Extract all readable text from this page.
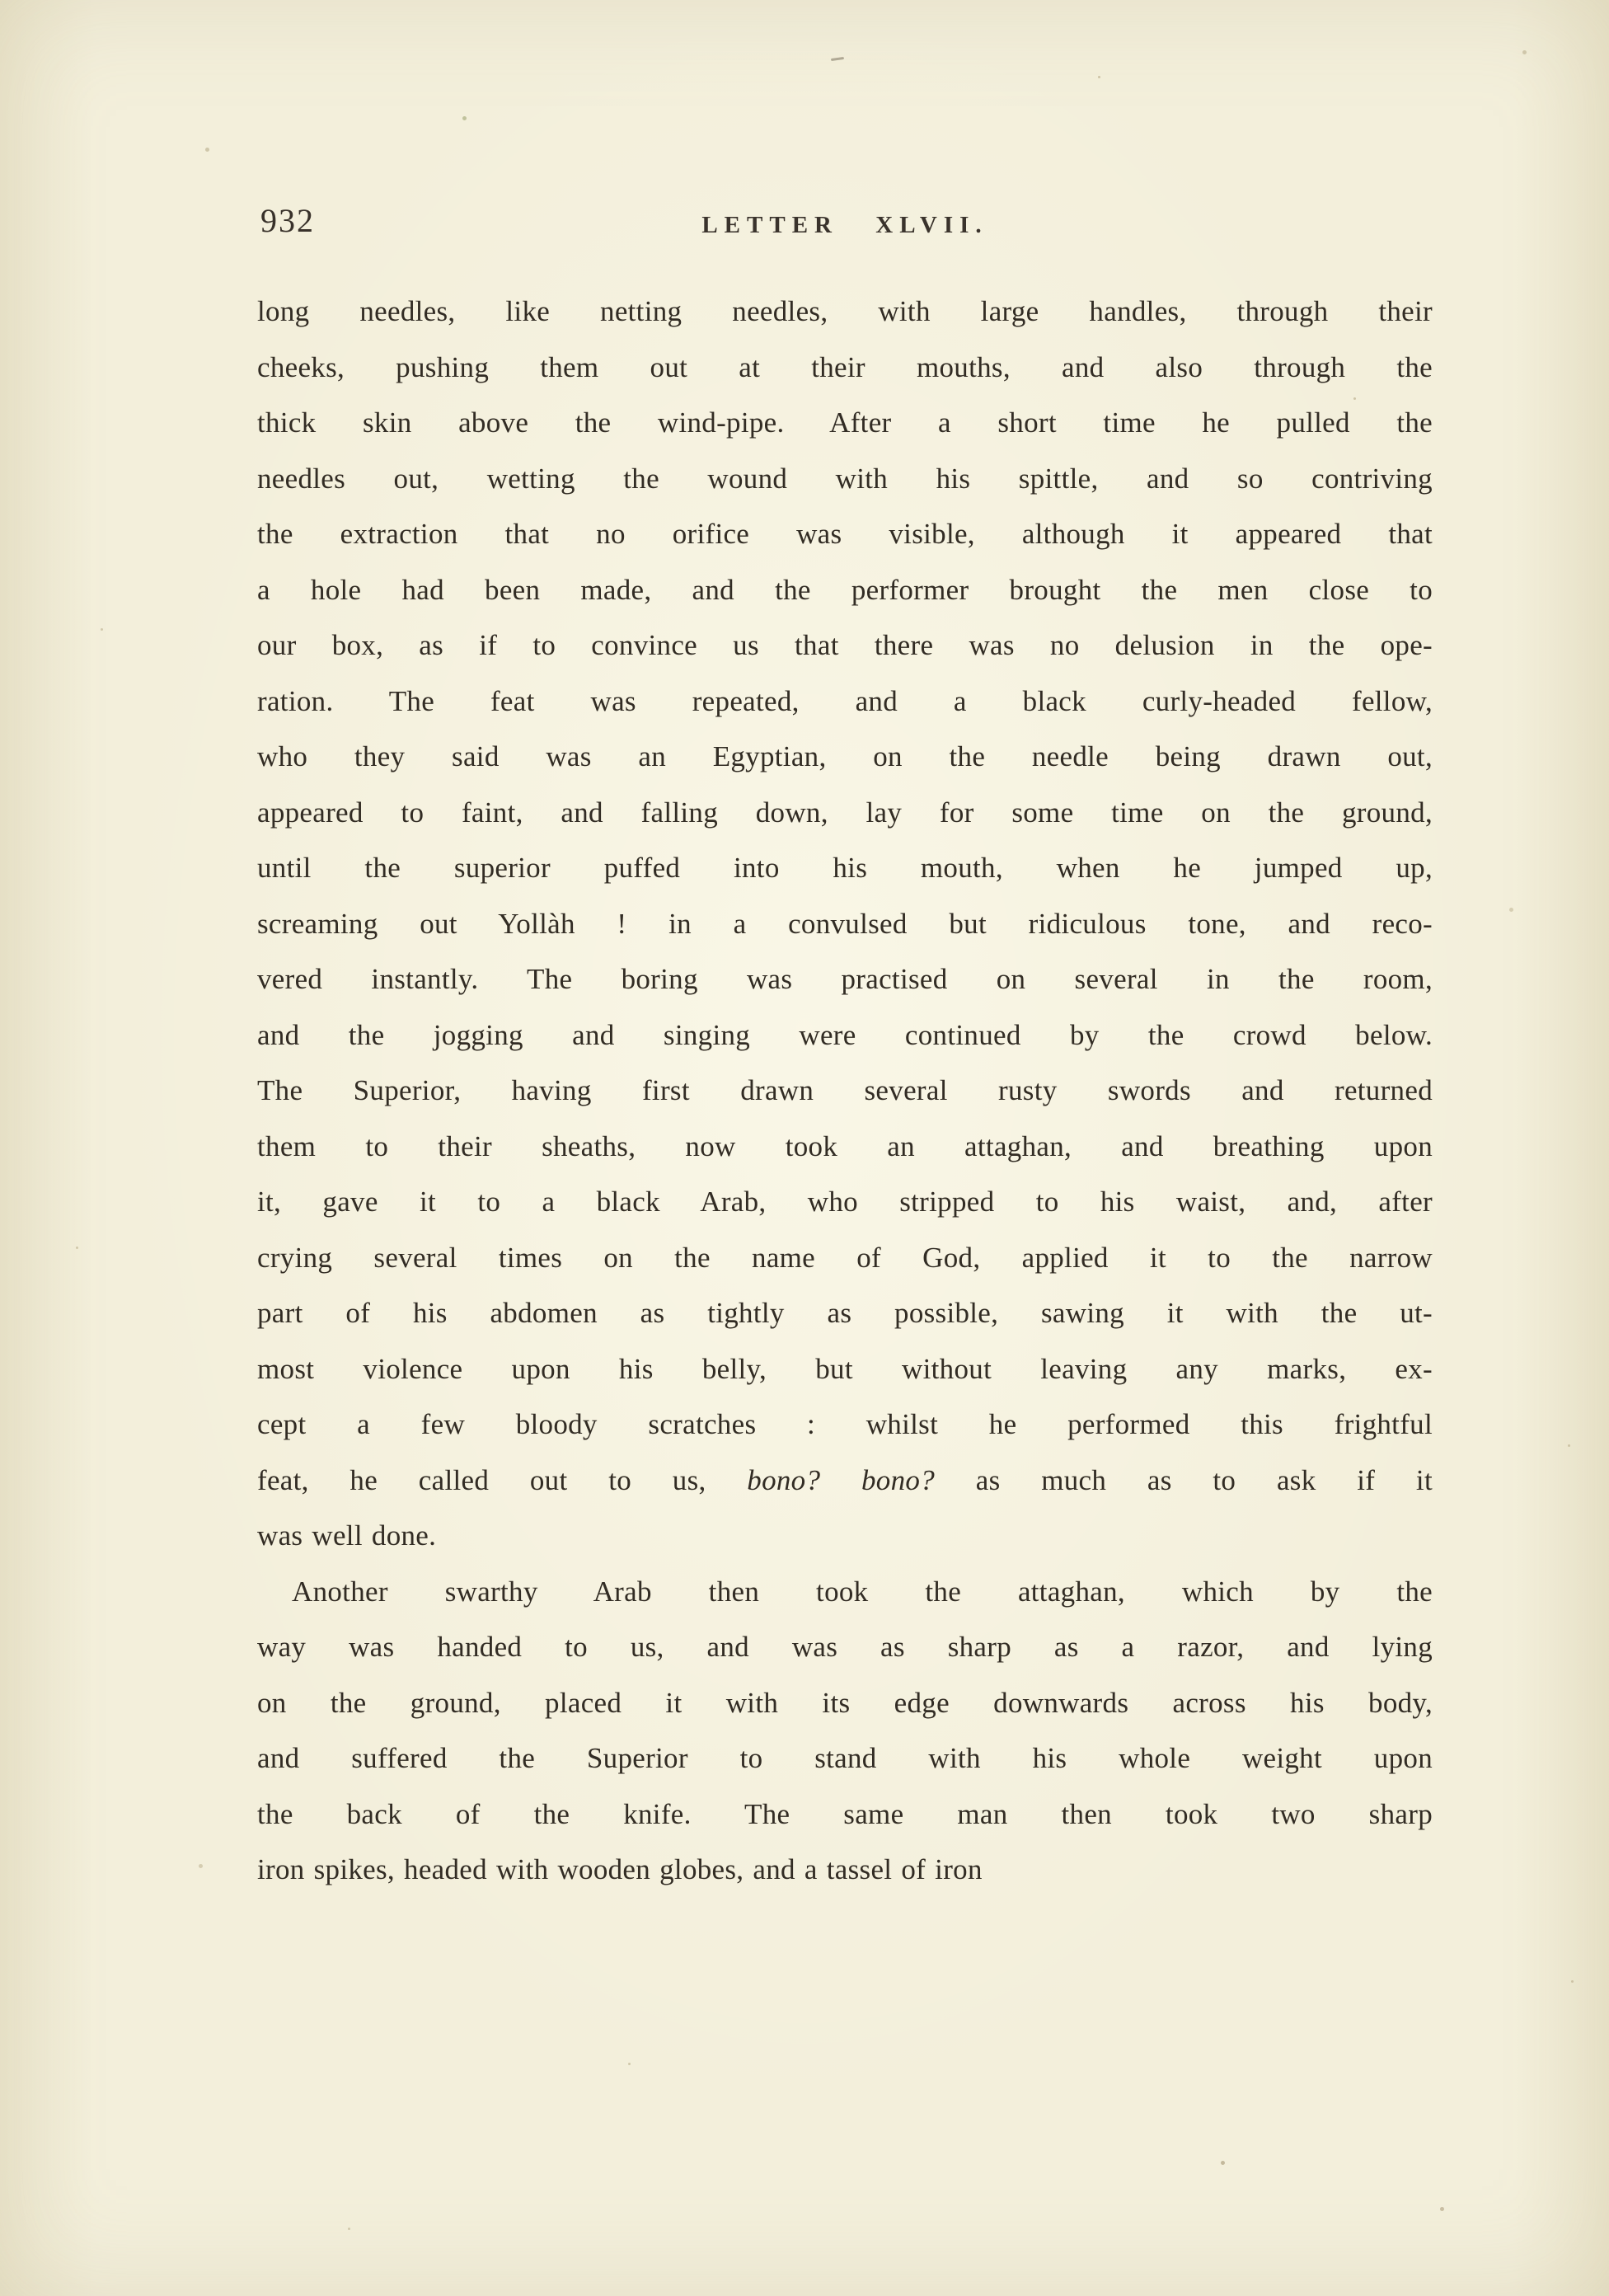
932	LETTER XLVII.
long needles, like netting needles, with large handles, through their
cheeks, pushing them out at their mouths, and also through the
thick skin above the wind-pipe. After a short time he pulled the
needles out, wetting the wound with his spittle, and so contriving
the extraction that no orifice was visible, although it appeared that
a hole had been made, and the performer brought the men close to
our box, as if to convince us that there was no delusion in the ope-
ration. The feat was repeated, and a black curly-headed fellow,
who they said was an Egyptian, on the needle being drawn out,
appeared to faint, and falling down, lay for some time on the ground,
until the superior puffed into his mouth, when he jumped up,
screaming out Yollàh ! in a convulsed but ridiculous tone, and reco-
vered instantly. The boring was practised on several in the room,
and the jogging and singing were continued by the crowd below.
The Superior, having first drawn several rusty swords and returned
them to their sheaths, now took an attaghan, and breathing upon
it, gave it to a black Arab, who stripped to his waist, and, after
crying several times on the name of God, applied it to the narrow
part of his abdomen as tightly as possible, sawing it with the ut-
most violence upon his belly, but without leaving any marks, ex-
cept a few bloody scratches : whilst he performed this frightful
feat, he called out to us, bono? bono? as much as to ask if it
was well done.
Another swarthy Arab then took the attaghan, which by the
way was handed to us, and was as sharp as a razor, and lying
on the ground, placed it with its edge downwards across his body,
and suffered the Superior to stand with his whole weight upon
the back of the knife. The same man then took two sharp
iron spikes, headed with wooden globes, and a tassel of iron
